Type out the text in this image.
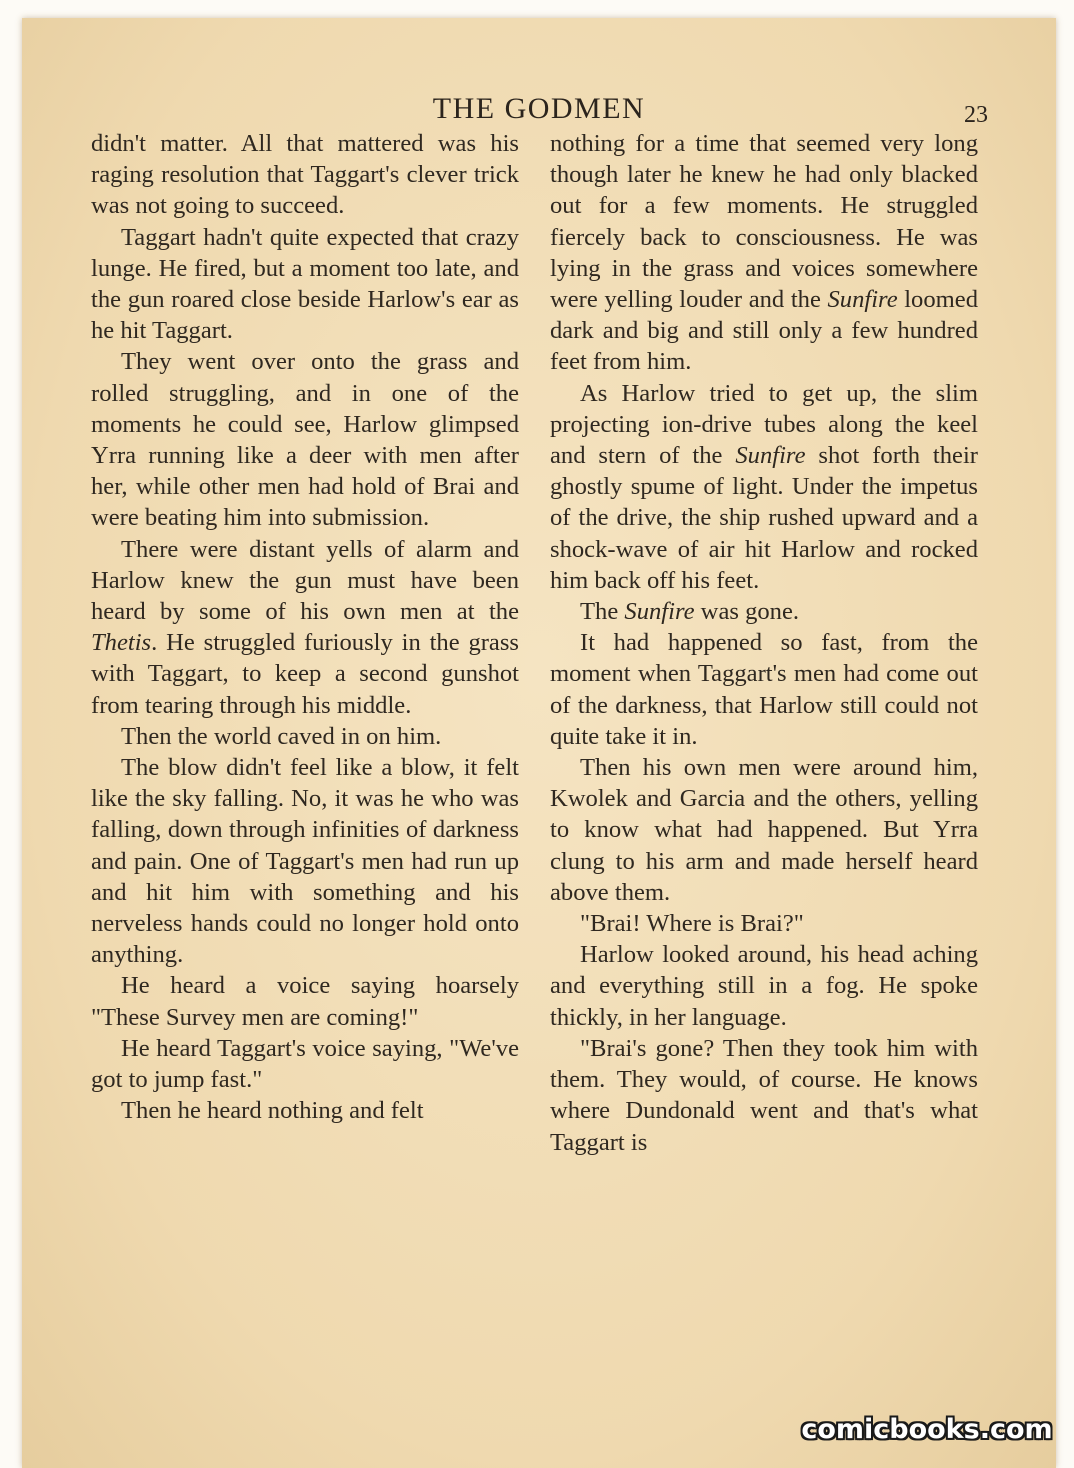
THE GODMEN	23

didn't matter. All that mattered was his raging resolution that Taggart's clever trick was not going to succeed.

Taggart hadn't quite expected that crazy lunge. He fired, but a moment too late, and the gun roared close beside Harlow's ear as he hit Taggart.

They went over onto the grass and rolled struggling, and in one of the moments he could see, Harlow glimpsed Yrra running like a deer with men after her, while other men had hold of Brai and were beating him into submission.

There were distant yells of alarm and Harlow knew the gun must have been heard by some of his own men at the Thetis. He struggled furiously in the grass with Taggart, to keep a second gunshot from tearing through his middle.

Then the world caved in on him.

The blow didn't feel like a blow, it felt like the sky falling. No, it was he who was falling, down through infinities of darkness and pain. One of Taggart's men had run up and hit him with something and his nerveless hands could no longer hold onto anything.

He heard a voice saying hoarsely "These Survey men are coming!"

He heard Taggart's voice saying, "We've got to jump fast."

Then he heard nothing and felt

nothing for a time that seemed very long though later he knew he had only blacked out for a few moments. He struggled fiercely back to consciousness. He was lying in the grass and voices somewhere were yelling louder and the Sunfire loomed dark and big and still only a few hundred feet from him.

As Harlow tried to get up, the slim projecting ion-drive tubes along the keel and stern of the Sunfire shot forth their ghostly spume of light. Under the impetus of the drive, the ship rushed upward and a shock-wave of air hit Harlow and rocked him back off his feet.

The Sunfire was gone.

It had happened so fast, from the moment when Taggart's men had come out of the darkness, that Harlow still could not quite take it in.

Then his own men were around him, Kwolek and Garcia and the others, yelling to know what had happened. But Yrra clung to his arm and made herself heard above them.

"Brai! Where is Brai?"

Harlow looked around, his head aching and everything still in a fog. He spoke thickly, in her language.

"Brai's gone? Then they took him with them. They would, of course. He knows where Dundonald went and that's what Taggart is

comicbooks.com
